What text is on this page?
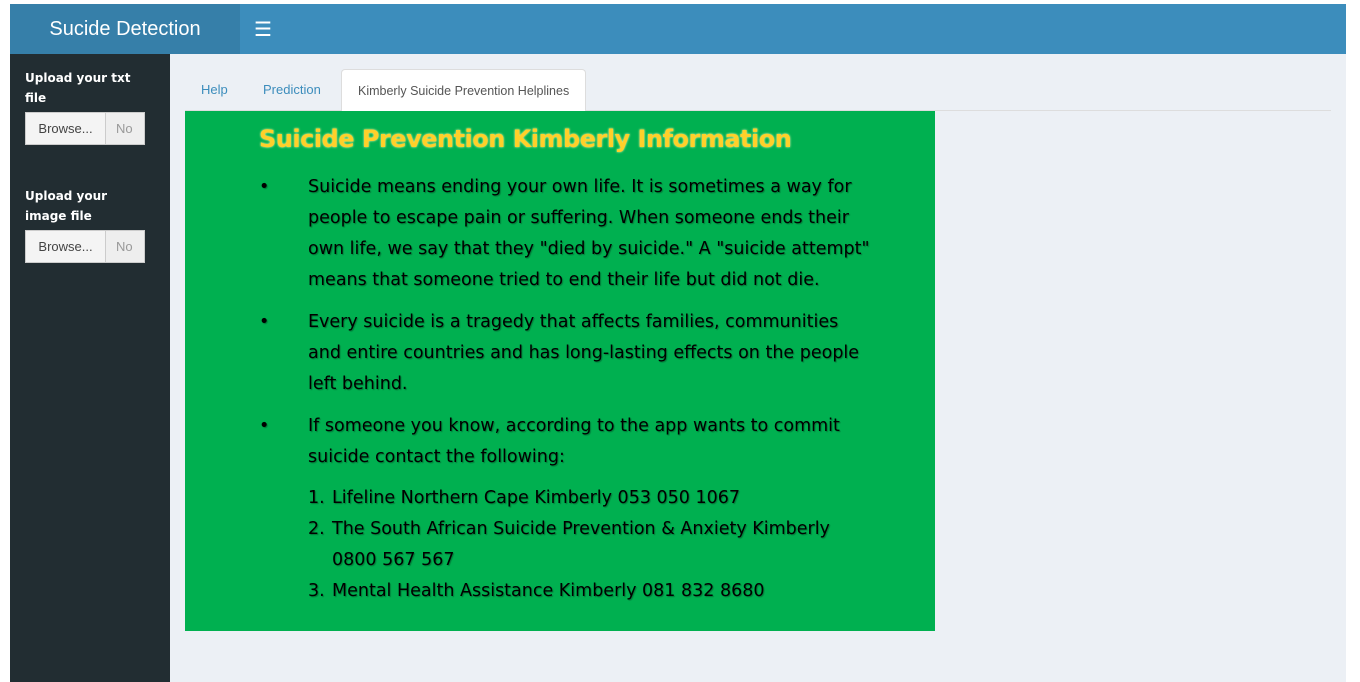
Sucide Detection	☰
Upload your txt file
Browse...	No
Upload your image file
Browse...	No
Help	Prediction	Kimberly Suicide Prevention Helplines
Suicide Prevention Kimberly Information
• Suicide means ending your own life. It is sometimes a way for people to escape pain or suffering. When someone ends their own life, we say that they "died by suicide." A "suicide attempt" means that someone tried to end their life but did not die.
• Every suicide is a tragedy that affects families, communities and entire countries and has long-lasting effects on the people left behind.
• If someone you know, according to the app wants to commit suicide contact the following:
1. Lifeline Northern Cape Kimberly 053 050 1067
2. The South African Suicide Prevention & Anxiety Kimberly 0800 567 567
3. Mental Health Assistance Kimberly 081 832 8680
